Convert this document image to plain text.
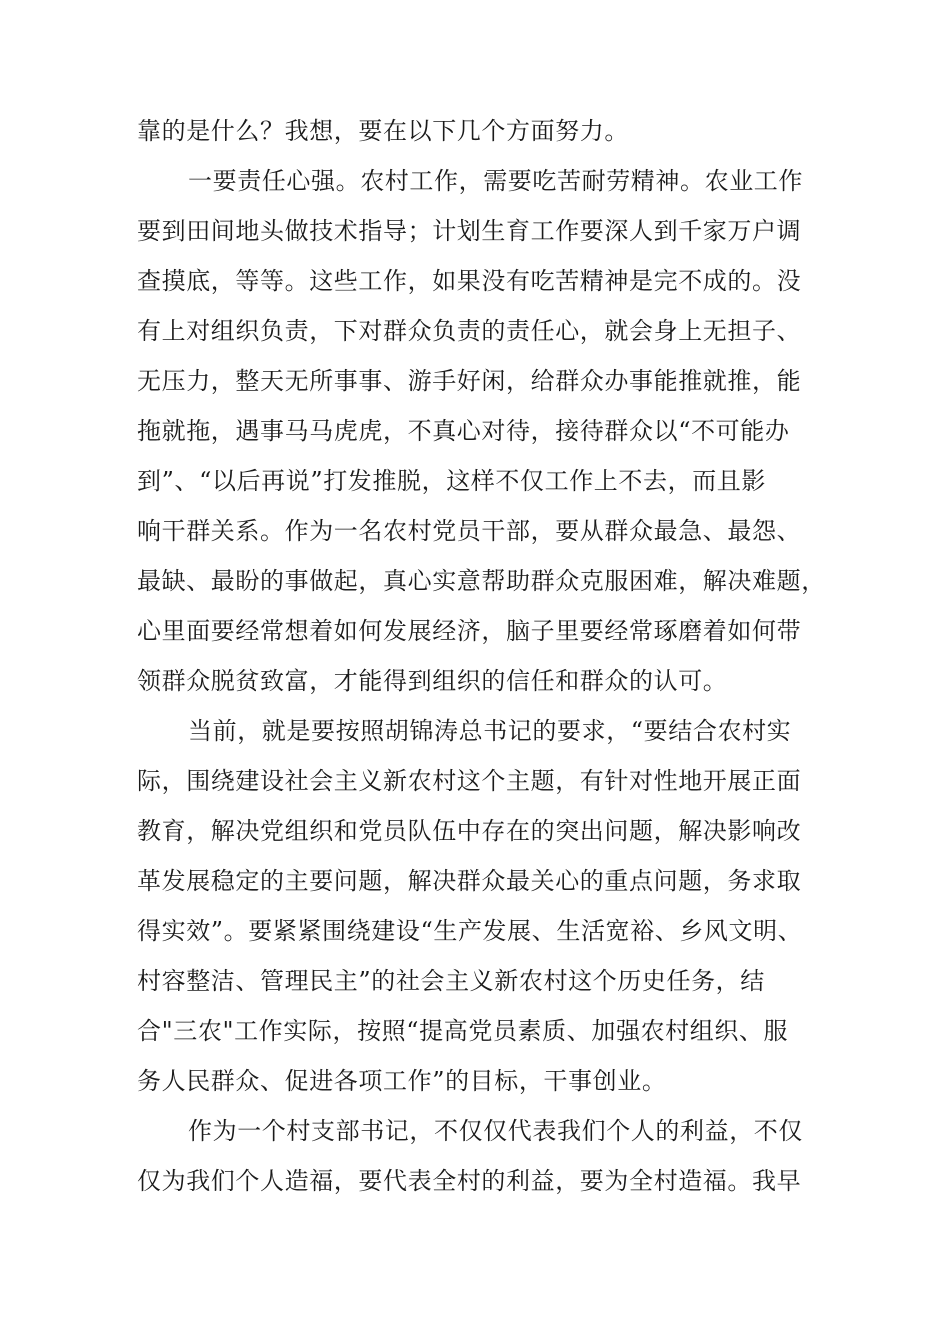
靠的是什么？我想，要在以下几个方面努力。
一要责任心强。农村工作，需要吃苦耐劳精神。农业工作
要到田间地头做技术指导；计划生育工作要深人到千家万户调
查摸底，等等。这些工作，如果没有吃苦精神是完不成的。没
有上对组织负责，下对群众负责的责任心，就会身上无担子、
无压力，整天无所事事、游手好闲，给群众办事能推就推，能
拖就拖，遇事马马虎虎，不真心对待，接待群众以“不可能办
到”、“以后再说”打发推脱，这样不仅工作上不去，而且影
响干群关系。作为一名农村党员干部，要从群众最急、最怨、
最缺、最盼的事做起，真心实意帮助群众克服困难，解决难题，
心里面要经常想着如何发展经济，脑子里要经常琢磨着如何带
领群众脱贫致富，才能得到组织的信任和群众的认可。
当前，就是要按照胡锦涛总书记的要求，“要结合农村实
际，围绕建设社会主义新农村这个主题，有针对性地开展正面
教育，解决党组织和党员队伍中存在的突出问题，解决影响改
革发展稳定的主要问题，解决群众最关心的重点问题，务求取
得实效”。要紧紧围绕建设“生产发展、生活宽裕、乡风文明、
村容整洁、管理民主”的社会主义新农村这个历史任务，结
合"三农"工作实际，按照“提高党员素质、加强农村组织、服
务人民群众、促进各项工作”的目标，干事创业。
作为一个村支部书记，不仅仅代表我们个人的利益，不仅
仅为我们个人造福，要代表全村的利益，要为全村造福。我早
